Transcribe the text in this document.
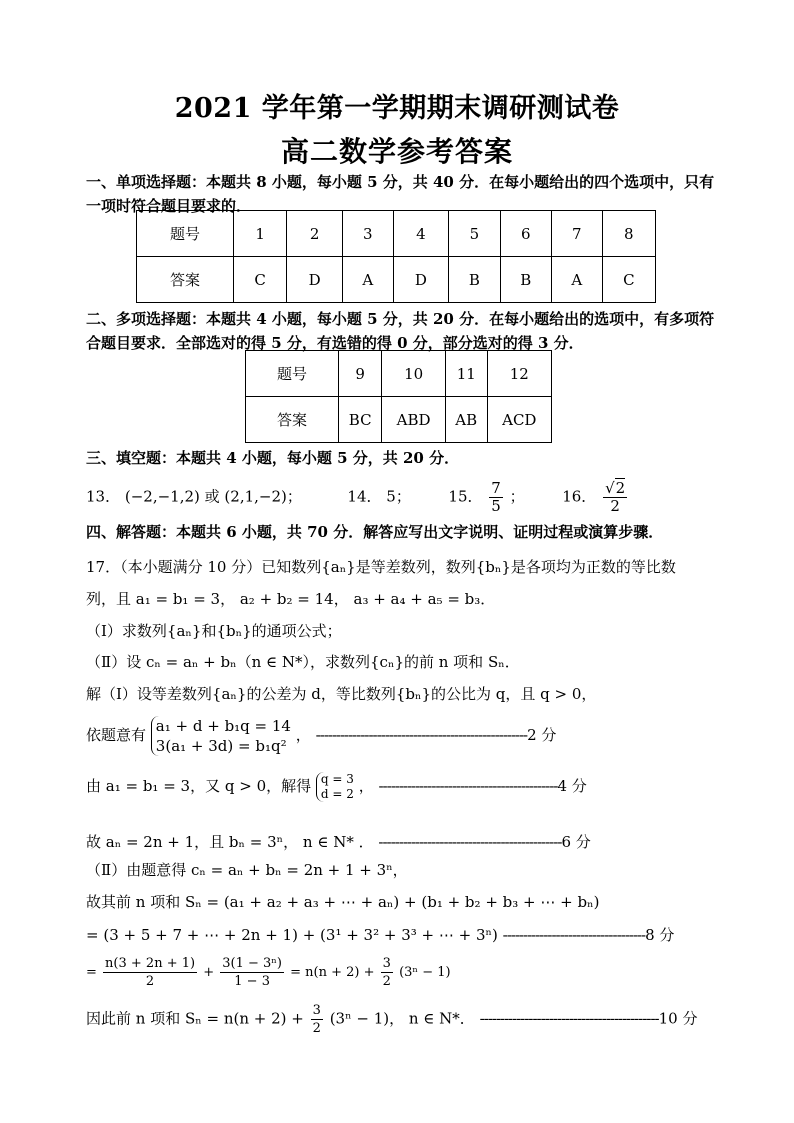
2021 学年第一学期期末调研测试卷
高二数学参考答案
一、单项选择题：本题共 8 小题，每小题 5 分，共 40 分．在每小题给出的四个选项中，只有一项时符合题目要求的．
题号	1	2	3	4	5	6	7	8
答案	C	D	A	D	B	B	A	C
二、多项选择题：本题共 4 小题，每小题 5 分，共 20 分．在每小题给出的选项中，有多项符合题目要求．全部选对的得 5 分，有选错的得 0 分，部分选对的得 3 分．
题号	9	10	11	12
答案	BC	ABD	AB	ACD
三、填空题：本题共 4 小题，每小题 5 分，共 20 分．
13． (−2,−1,2) 或 (2,1,−2)；	14． 5；	15． $\frac{7}{5}$ ；	16． $\frac{√2}{2}$
四、解答题：本题共 6 小题，共 70 分．解答应写出文字说明、证明过程或演算步骤．
17．（本小题满分 10 分）已知数列{aₙ}是等差数列，数列{bₙ}是各项均为正数的等比数
列，且 a₁ = b₁ = 3， a₂ + b₂ = 14， a₃ + a₄ + a₅ = b₃．
（Ⅰ）求数列{aₙ}和{bₙ}的通项公式；
（Ⅱ）设 cₙ = aₙ + bₙ（n ∈ N*），求数列{cₙ}的前 n 项和 Sₙ．
解（Ⅰ）设等差数列{aₙ}的公差为 d，等比数列{bₙ}的公比为 q，且 q > 0，
依题意有 a₁ + d + b₁q = 14
3(a₁ + 3d) = b₁q²
， ----------------------------------------------------2 分
由 a₁ = b₁ = 3，又 q > 0，解得 q = 3
d = 2 ， --------------------------------------------4 分
故 aₙ = 2n + 1，且 bₙ = 3ⁿ， n ∈ N* ． ---------------------------------------------6 分
（Ⅱ）由题意得 cₙ = aₙ + bₙ = 2n + 1 + 3ⁿ，
故其前 n 项和 Sₙ = (a₁ + a₂ + a₃ + ⋯ + aₙ) + (b₁ + b₂ + b₃ + ⋯ + bₙ)
= (3 + 5 + 7 + ⋯ + 2n + 1) + (3¹ + 3² + 3³ + ⋯ + 3ⁿ) -----------------------------------8 分
= $\frac{n(3 + 2n + 1)}{2} + \frac{\text{3(1 − 3ⁿ)}}{1 - 3} = n(n + 2) + \frac{3}{2} (3^n - 1)$
因此前 n 项和 $S_n = n(n + 2) + \frac{3}{2} (3^n - 1)$， n ∈ N*． --------------------------------------------10 分
